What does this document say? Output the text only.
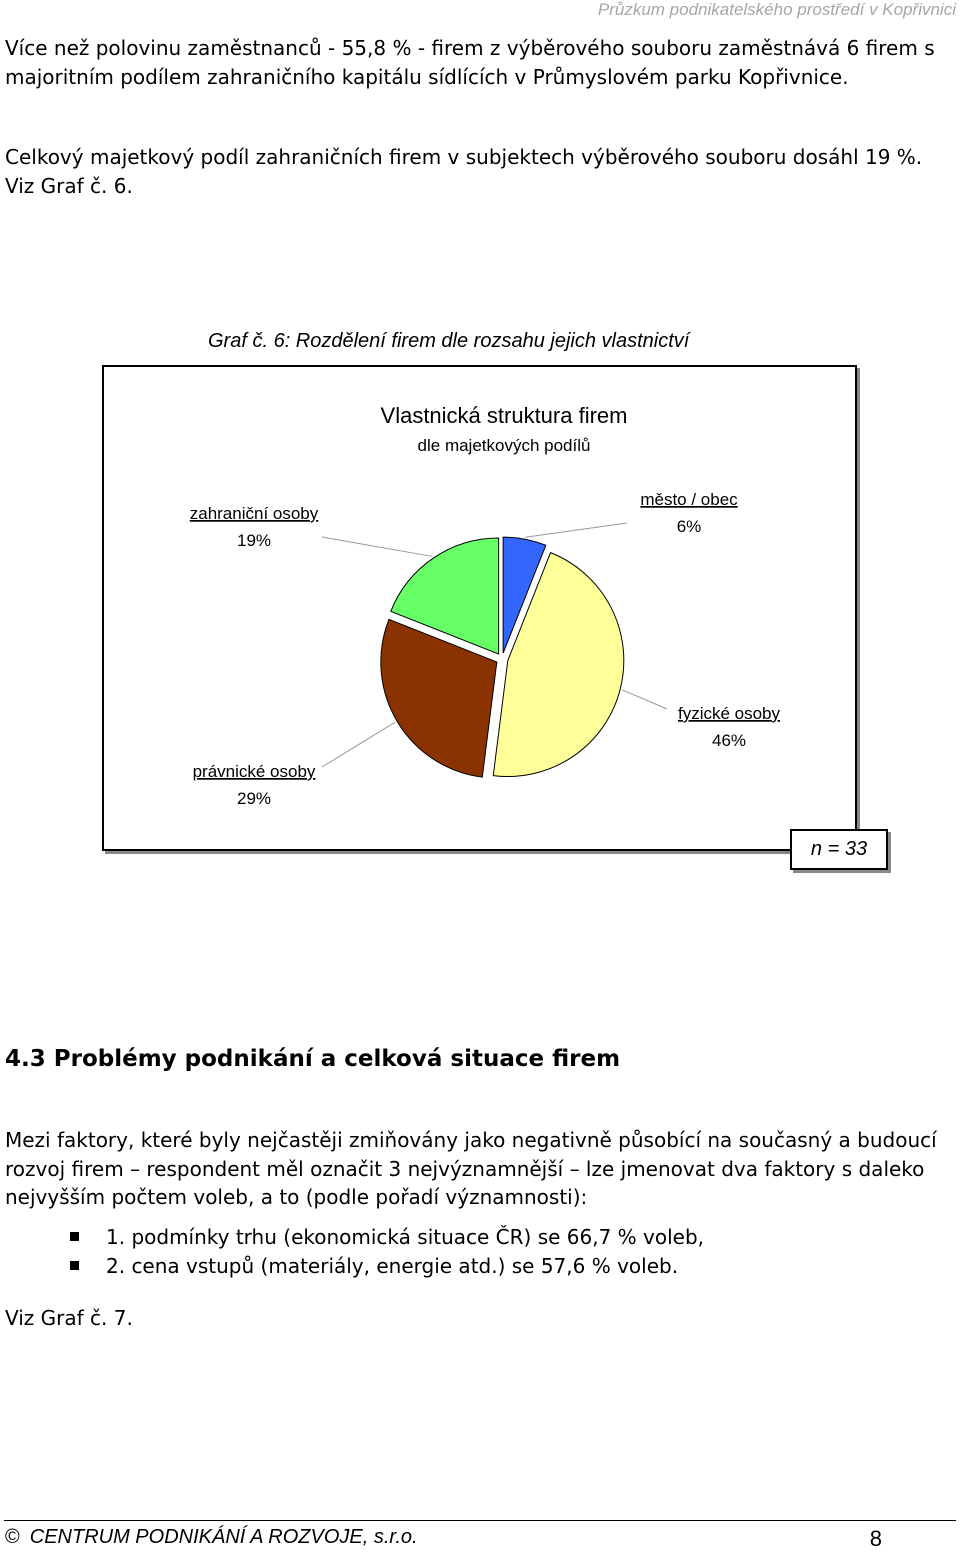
Průzkum podnikatelského prostředí v Kopřivnici

Více než polovinu zaměstnanců - 55,8 % - firem z výběrového souboru zaměstnává 6 firem s majoritním podílem zahraničního kapitálu sídlících v Průmyslovém parku Kopřivnice.

Celkový majetkový podíl zahraničních firem v subjektech výběrového souboru dosáhl 19 %. Viz Graf č. 6.

Graf č. 6: Rozdělení firem dle rozsahu jejich vlastnictví
Vlastnická struktura firem
dle majetkových podílů
město / obec
6%
fyzické osoby
46%
právnické osoby
29%
zahraniční osoby
19%
n = 33
4.3 Problémy podnikání a celková situace firem

Mezi faktory, které byly nejčastěji zmiňovány jako negativně působící na současný a budoucí rozvoj firem – respondent měl označit 3 nejvýznamnější – lze jmenovat dva faktory s daleko nejvyšším počtem voleb, a to (podle pořadí významnosti):

1. podmínky trhu (ekonomická situace ČR) se 66,7 % voleb,
2. cena vstupů (materiály, energie atd.) se 57,6 % voleb.

Viz Graf č. 7.

© CENTRUM PODNIKÁNÍ A ROZVOJE, s.r.o.	8
